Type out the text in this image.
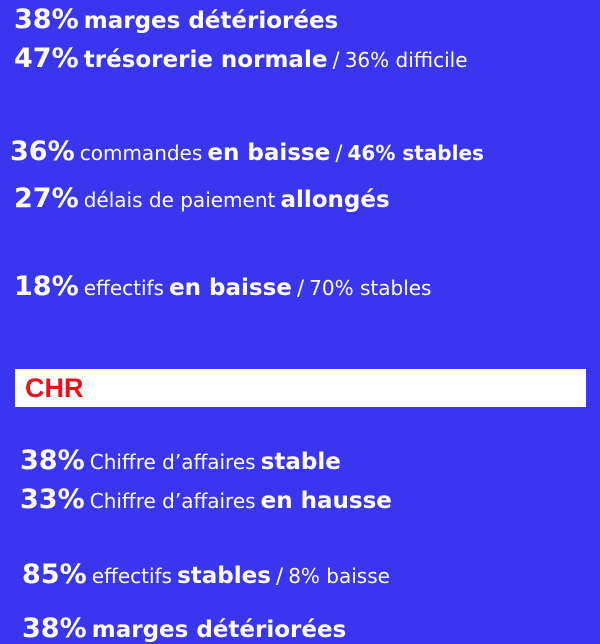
38% marges détériorées
47% trésorerie normale / 36% difficile
36% commandes en baisse / 46% stables
27% délais de paiement allongés
18% effectifs en baisse / 70% stables
CHR
38% Chiffre d’affaires stable
33% Chiffre d’affaires en hausse
85% effectifs stables / 8% baisse
38% marges détériorées
